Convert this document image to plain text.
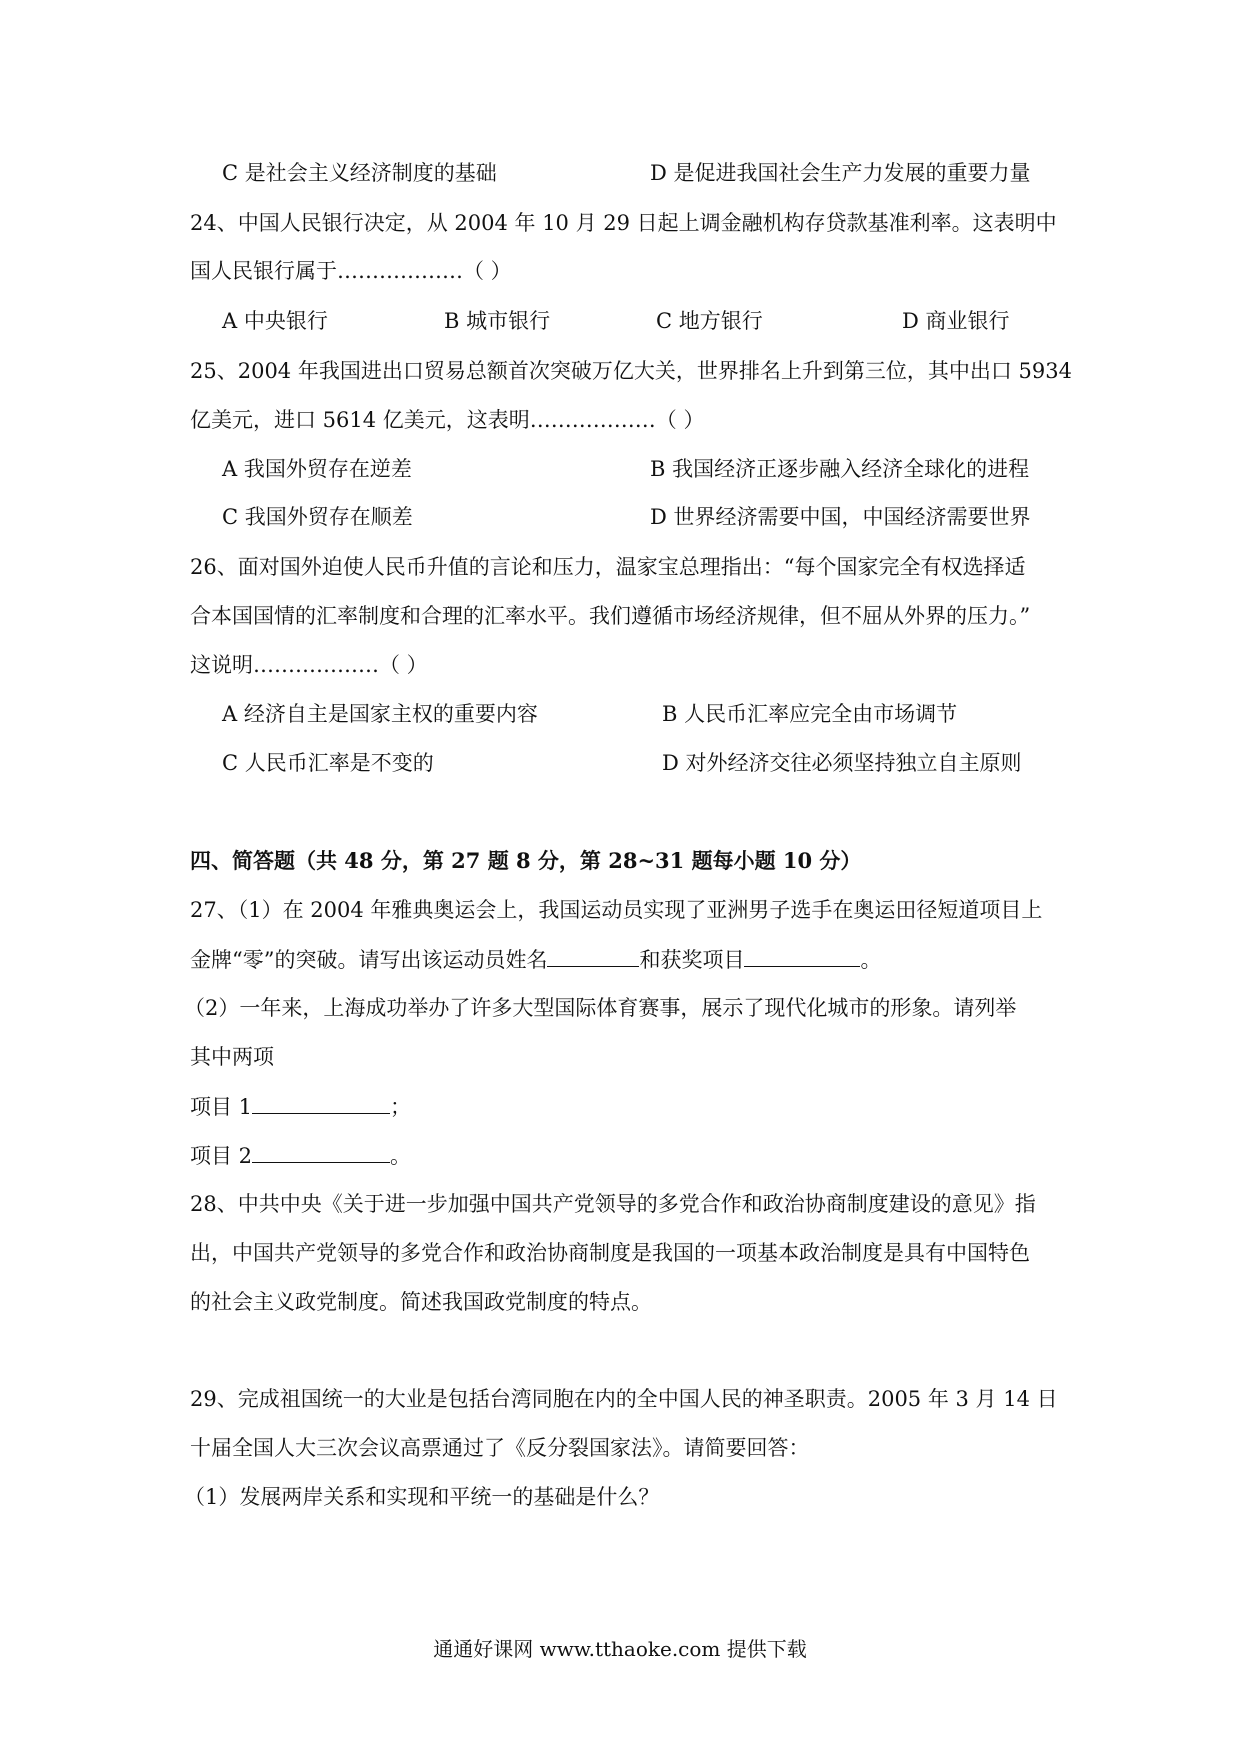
C 是社会主义经济制度的基础	D 是促进我国社会生产力发展的重要力量
24、中国人民银行决定，从 2004 年 10 月 29 日起上调金融机构存贷款基准利率。这表明中
国人民银行属于………………（ ）
A 中央银行	B 城市银行	C 地方银行	D 商业银行
25、2004 年我国进出口贸易总额首次突破万亿大关，世界排名上升到第三位，其中出口 5934
亿美元，进口 5614 亿美元，这表明………………（ ）
A 我国外贸存在逆差	B 我国经济正逐步融入经济全球化的进程
C 我国外贸存在顺差	D 世界经济需要中国，中国经济需要世界
26、面对国外迫使人民币升值的言论和压力，温家宝总理指出：“每个国家完全有权选择适
合本国国情的汇率制度和合理的汇率水平。我们遵循市场经济规律，但不屈从外界的压力。”
这说明………………（ ）
A 经济自主是国家主权的重要内容	B 人民币汇率应完全由市场调节
C 人民币汇率是不变的	D 对外经济交往必须坚持独立自主原则
四、简答题（共 48 分，第 27 题 8 分，第 28~31 题每小题 10 分）
27、（1）在 2004 年雅典奥运会上，我国运动员实现了亚洲男子选手在奥运田径短道项目上
金牌“零”的突破。请写出该运动员姓名	和获奖项目	。
（2）一年来，上海成功举办了许多大型国际体育赛事，展示了现代化城市的形象。请列举
其中两项
项目 1	；
项目 2	。
28、中共中央《关于进一步加强中国共产党领导的多党合作和政治协商制度建设的意见》指
出，中国共产党领导的多党合作和政治协商制度是我国的一项基本政治制度是具有中国特色
的社会主义政党制度。简述我国政党制度的特点。
29、完成祖国统一的大业是包括台湾同胞在内的全中国人民的神圣职责。2005 年 3 月 14 日
十届全国人大三次会议高票通过了《反分裂国家法》。请简要回答：
（1）发展两岸关系和实现和平统一的基础是什么？
通通好课网 www.tthaoke.com 提供下载
